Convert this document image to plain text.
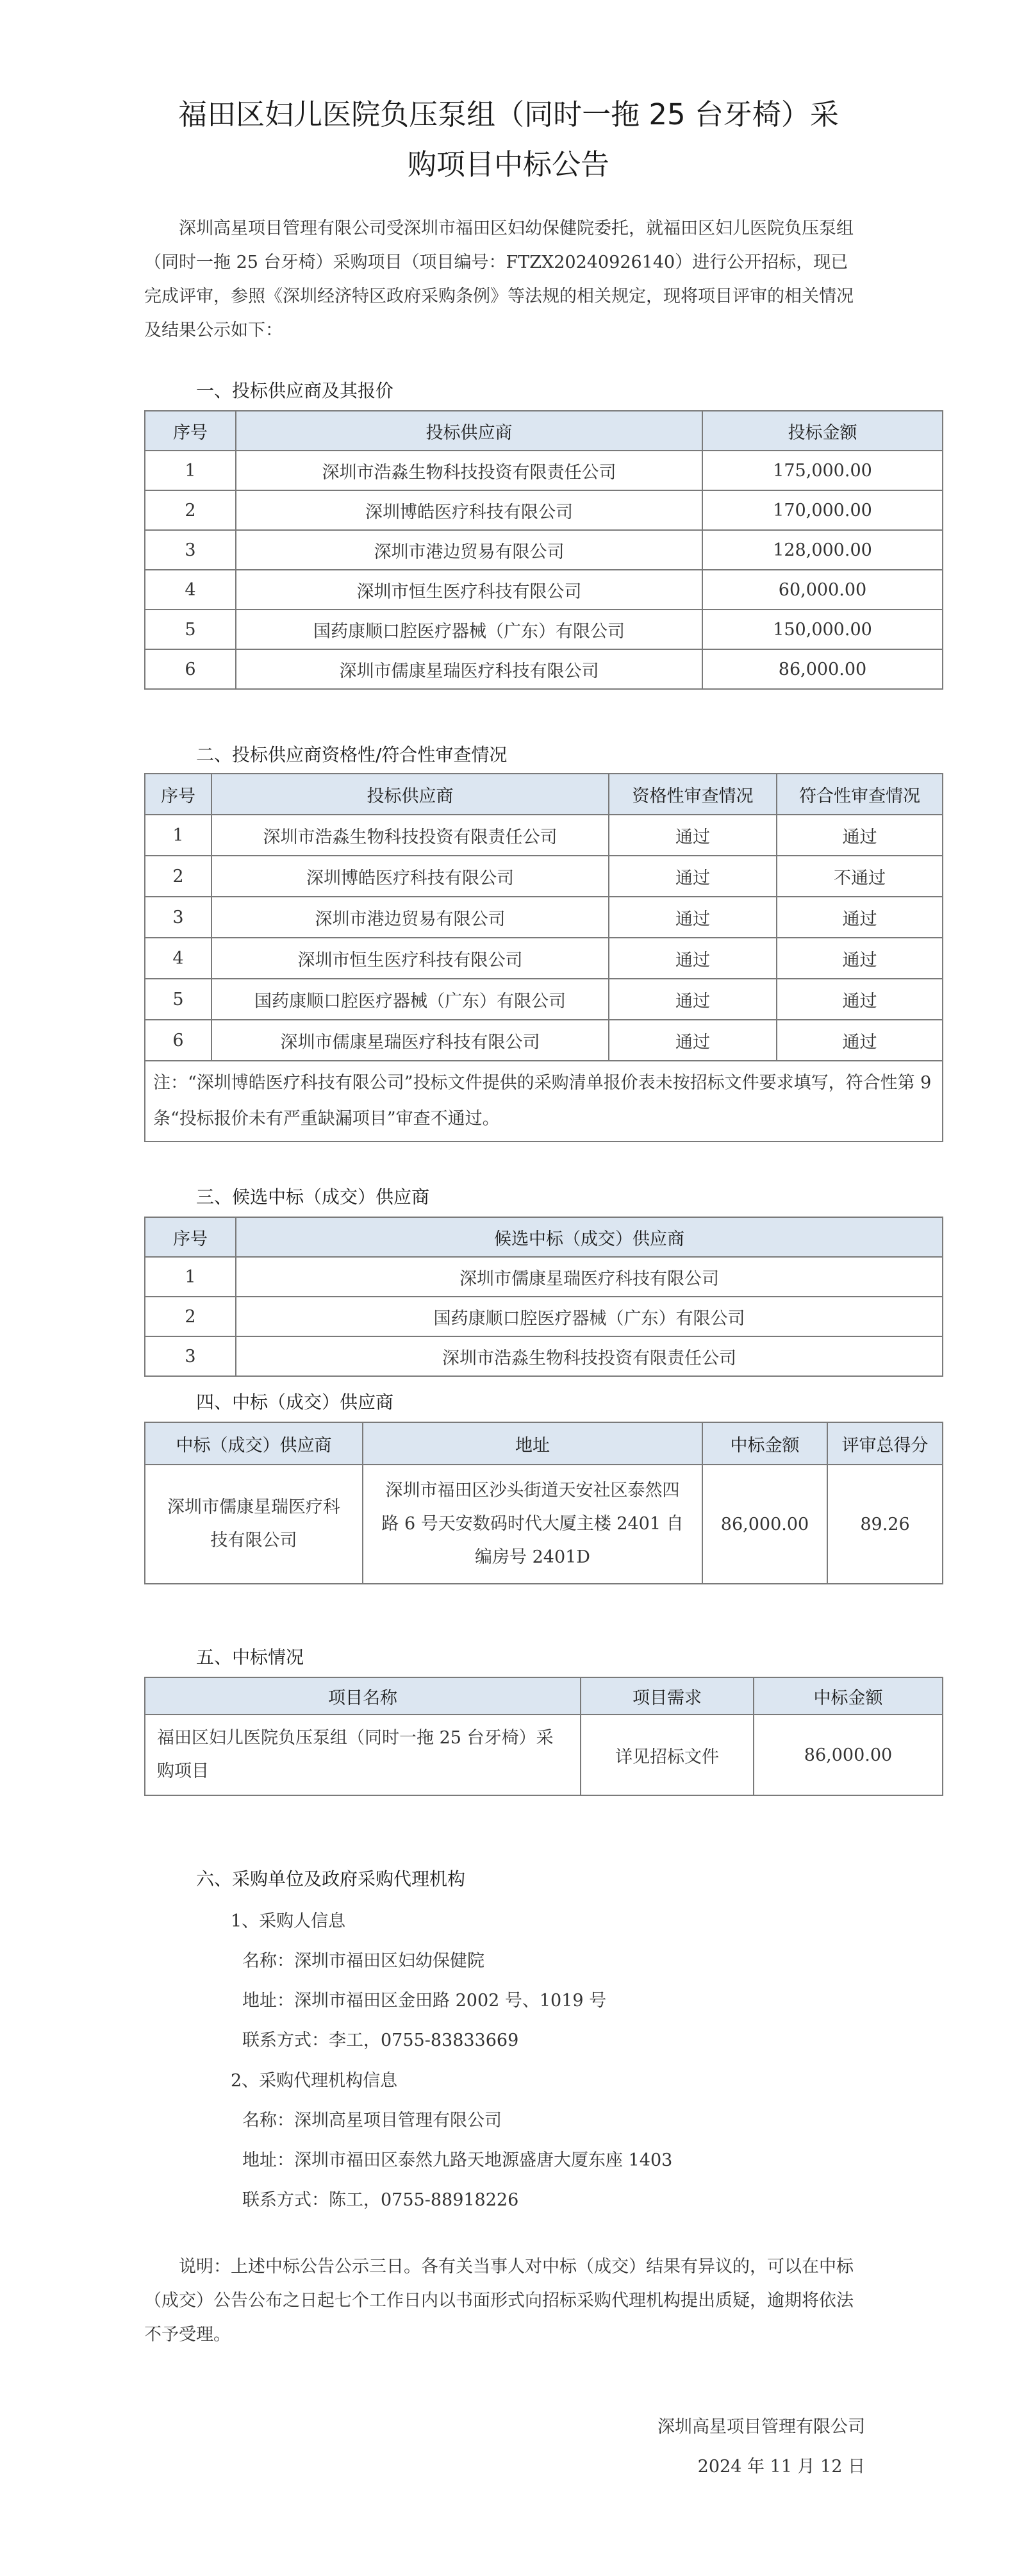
福田区妇儿医院负压泵组（同时一拖 25 台牙椅）采
购项目中标公告

深圳高星项目管理有限公司受深圳市福田区妇幼保健院委托，就福田区妇儿医院负压泵组（同时一拖 25 台牙椅）采购项目（项目编号：FTZX20240926140）进行公开招标，现已完成评审，参照《深圳经济特区政府采购条例》等法规的相关规定，现将项目评审的相关情况及结果公示如下：

一、投标供应商及其报价
序号	投标供应商	投标金额
1	深圳市浩淼生物科技投资有限责任公司	175,000.00
2	深圳博皓医疗科技有限公司	170,000.00
3	深圳市港边贸易有限公司	128,000.00
4	深圳市恒生医疗科技有限公司	60,000.00
5	国药康顺口腔医疗器械（广东）有限公司	150,000.00
6	深圳市儒康星瑞医疗科技有限公司	86,000.00
二、投标供应商资格性/符合性审查情况
序号	投标供应商	资格性审查情况	符合性审查情况
1	深圳市浩淼生物科技投资有限责任公司	通过	通过
2	深圳博皓医疗科技有限公司	通过	不通过
3	深圳市港边贸易有限公司	通过	通过
4	深圳市恒生医疗科技有限公司	通过	通过
5	国药康顺口腔医疗器械（广东）有限公司	通过	通过
6	深圳市儒康星瑞医疗科技有限公司	通过	通过
注：“深圳博皓医疗科技有限公司”投标文件提供的采购清单报价表未按招标文件要求填写，符合性第 9 条“投标报价未有严重缺漏项目”审查不通过。			
三、候选中标（成交）供应商
序号	候选中标（成交）供应商
1	深圳市儒康星瑞医疗科技有限公司
2	国药康顺口腔医疗器械（广东）有限公司
3	深圳市浩淼生物科技投资有限责任公司
四、中标（成交）供应商
中标（成交）供应商	地址	中标金额	评审总得分
深圳市儒康星瑞医疗科技有限公司	深圳市福田区沙头街道天安社区泰然四路 6 号天安数码时代大厦主楼 2401 自编房号 2401D	86,000.00	89.26
五、中标情况
项目名称	项目需求	中标金额
福田区妇儿医院负压泵组（同时一拖 25 台牙椅）采购项目	详见招标文件	86,000.00
六、采购单位及政府采购代理机构
1、采购人信息
名称：深圳市福田区妇幼保健院
地址：深圳市福田区金田路 2002 号、1019 号
联系方式：李工，0755-83833669
2、采购代理机构信息
名称：深圳高星项目管理有限公司
地址：深圳市福田区泰然九路天地源盛唐大厦东座 1403
联系方式：陈工，0755-88918226

说明：上述中标公告公示三日。各有关当事人对中标（成交）结果有异议的，可以在中标（成交）公告公布之日起七个工作日内以书面形式向招标采购代理机构提出质疑，逾期将依法不予受理。

深圳高星项目管理有限公司
2024 年 11 月 12 日
